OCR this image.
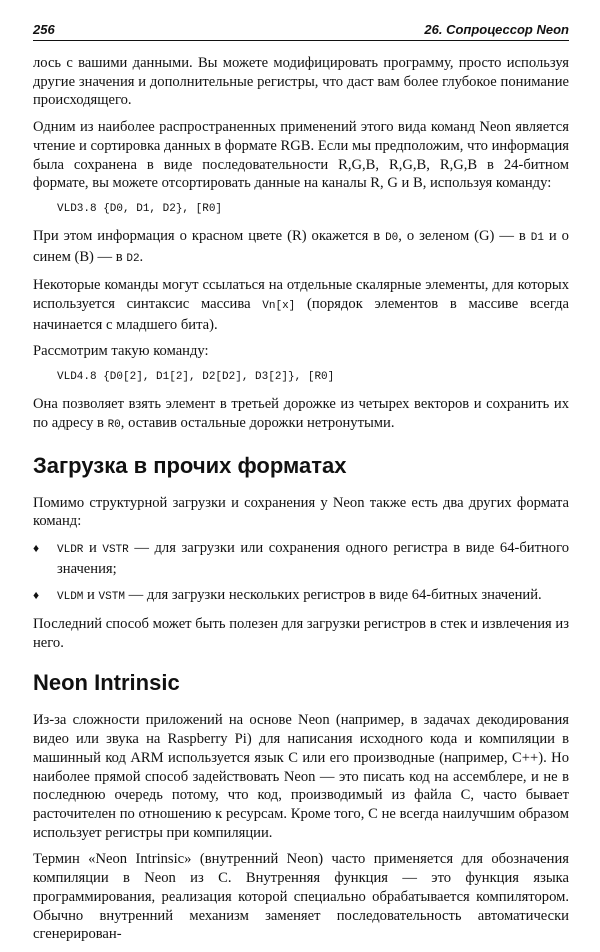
256	26. Сопроцессор Neon

лось с вашими данными. Вы можете модифицировать программу, просто используя другие значения и дополнительные регистры, что даст вам более глубокое понимание происходящего.

Одним из наиболее распространенных применений этого вида команд Neon является чтение и сортировка данных в формате RGB. Если мы предположим, что информация была сохранена в виде последовательности R,G,B, R,G,B, R,G,B в 24-битном формате, вы можете отсортировать данные на каналы R, G и B, используя команду:

VLD3.8 {D0, D1, D2}, [R0]

При этом информация о красном цвете (R) окажется в D0, о зеленом (G) — в D1 и о синем (B) — в D2.

Некоторые команды могут ссылаться на отдельные скалярные элементы, для которых используется синтаксис массива Vn[x] (порядок элементов в массиве всегда начинается с младшего бита).

Рассмотрим такую команду:

VLD4.8 {D0[2], D1[2], D2[D2], D3[2]}, [R0]

Она позволяет взять элемент в третьей дорожке из четырех векторов и сохранить их по адресу в R0, оставив остальные дорожки нетронутыми.

Загрузка в прочих форматах

Помимо структурной загрузки и сохранения у Neon также есть два других формата команд:

♦	VLDR и VSTR — для загрузки или сохранения одного регистра в виде 64-битного значения;
♦	VLDM и VSTM — для загрузки нескольких регистров в виде 64-битных значений.

Последний способ может быть полезен для загрузки регистров в стек и извлечения из него.

Neon Intrinsic

Из-за сложности приложений на основе Neon (например, в задачах декодирования видео или звука на Raspberry Pi) для написания исходного кода и компиляции в машинный код ARM используется язык С или его производные (например, С++). Но наиболее прямой способ задействовать Neon — это писать код на ассемблере, и не в последнюю очередь потому, что код, производимый из файла С, часто бывает расточителен по отношению к ресурсам. Кроме того, С не всегда наилучшим образом использует регистры при компиляции.

Термин «Neon Intrinsic» (внутренний Neon) часто применяется для обозначения компиляции в Neon из С. Внутренняя функция — это функция языка программирования, реализация которой специально обрабатывается компилятором. Обычно внутренний механизм заменяет последовательность автоматически сгенерирован-
